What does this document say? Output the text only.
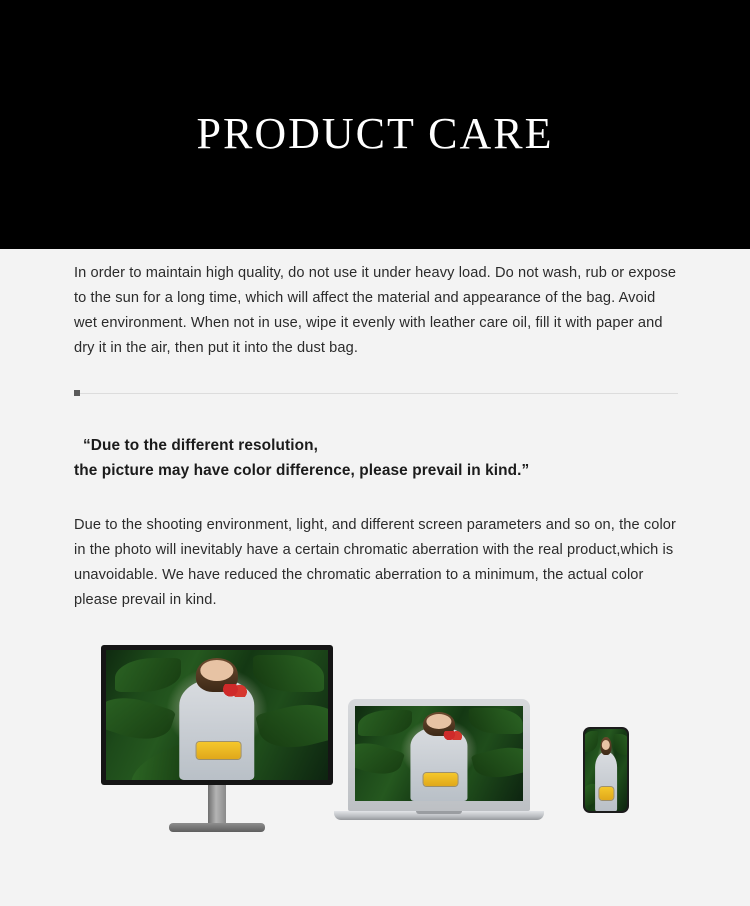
PRODUCT CARE

In order to maintain high quality, do not use it under heavy load. Do not wash, rub or expose to the sun for a long time, which will affect the material and appearance of the bag. Avoid wet environment. When not in use, wipe it evenly with leather care oil, fill it with paper and dry it in the air, then put it into the dust bag.

“Due to the different resolution,

the picture may have color difference, please prevail in kind.”

Due to the shooting environment, light, and different screen parameters and so on, the color in the photo will inevitably have a certain chromatic aberration with the real product,which is unavoidable. We have reduced the chromatic aberration to a minimum, the actual color please prevail in kind.
